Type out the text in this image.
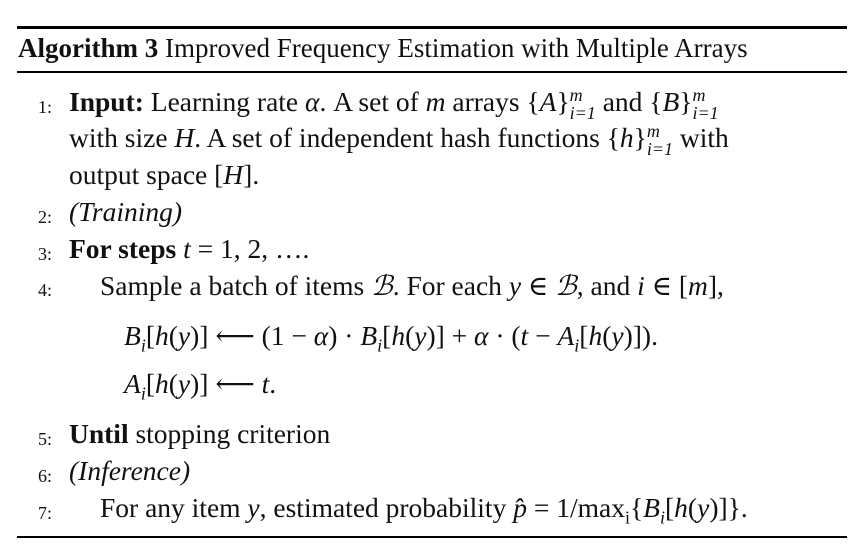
Algorithm 3 Improved Frequency Estimation with Multiple Arrays
1: Input: Learning rate α. A set of m arrays {A} m
i=1 and {B} m
i=1
with size H. A set of independent hash functions {h} m
i=1 with
output space [H].
2: (Training)
3: For steps t = 1, 2, ….
4:	Sample a batch of items ℬ. For each y ∈ ℬ, and i ∈ [m],
$B_i[h(y)]$ ⟵ $(1 - \alpha) \cdot B_i[h(y)] + \alpha \cdot (t - A_i[h(y)])$.
$A_i[h(y)]$ ⟵ t.
5: Until stopping criterion
6: (Inference)
7:	For any item y, estimated probability p̂ = $1/\max_i\{B_i[h(y)]\}$.
